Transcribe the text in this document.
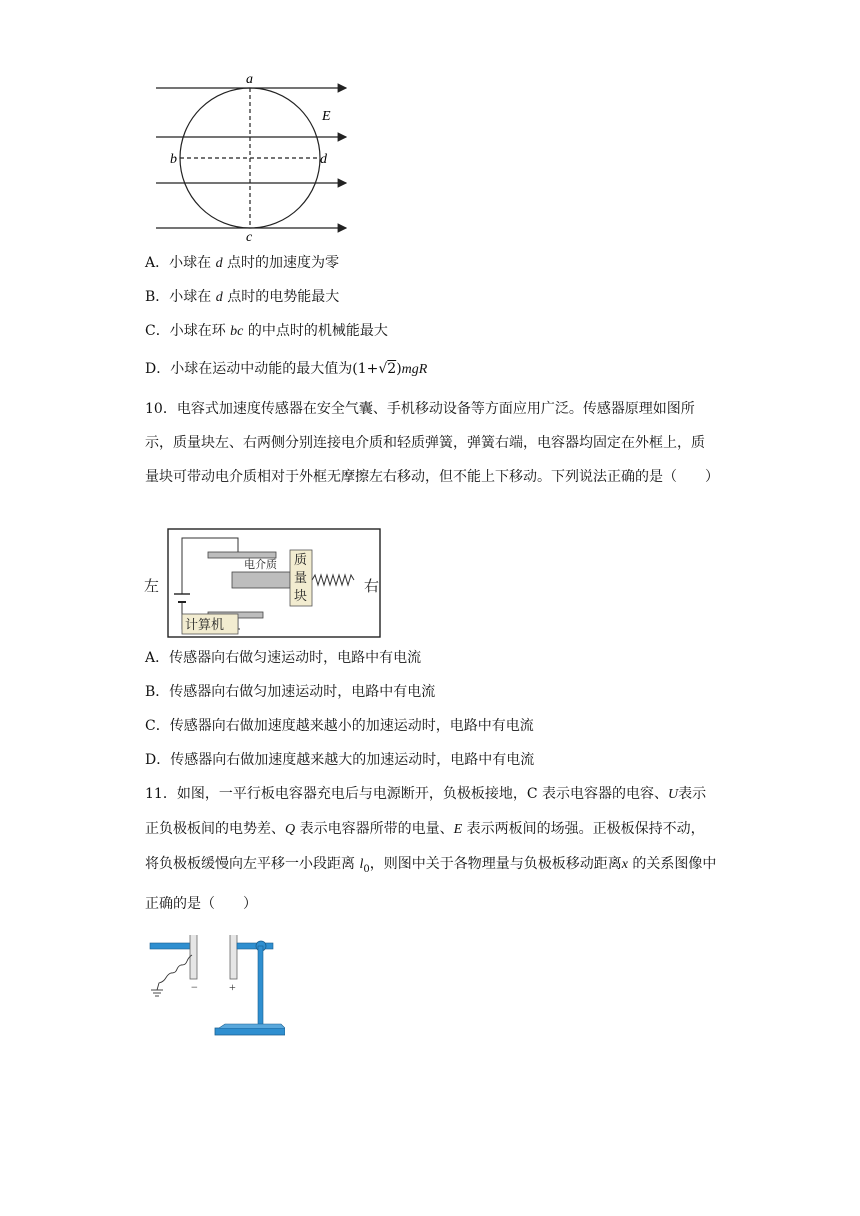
a
c
b	d
E
A．小球在 d 点时的加速度为零
B．小球在 d 点时的电势能最大
C．小球在环 bc 的中点时的机械能最大
D．小球在运动中动能的最大值为(1+√2)mgR
10．电容式加速度传感器在安全气囊、手机移动设备等方面应用广泛。传感器原理如图所示，质量块左、右两侧分别连接电介质和轻质弹簧，弹簧右端，电容器均固定在外框上，质量块可带动电介质相对于外框无摩擦左右移动，但不能上下移动。下列说法正确的是（　　）
电介质 质
量
块
计算机
左	右
A．传感器向右做匀速运动时，电路中有电流
B．传感器向右做匀加速运动时，电路中有电流
C．传感器向右做加速度越来越小的加速运动时，电路中有电流
D．传感器向右做加速度越来越大的加速运动时，电路中有电流
11．如图，一平行板电容器充电后与电源断开，负极板接地，C 表示电容器的电容、U表示正负极板间的电势差、Q 表示电容器所带的电量、E 表示两板间的场强。正极板保持不动，将负极板缓慢向左平移一小段距离 $l_0$，则图中关于各物理量与负极板移动距离x 的关系图像中正确的是（　　）
−	+
